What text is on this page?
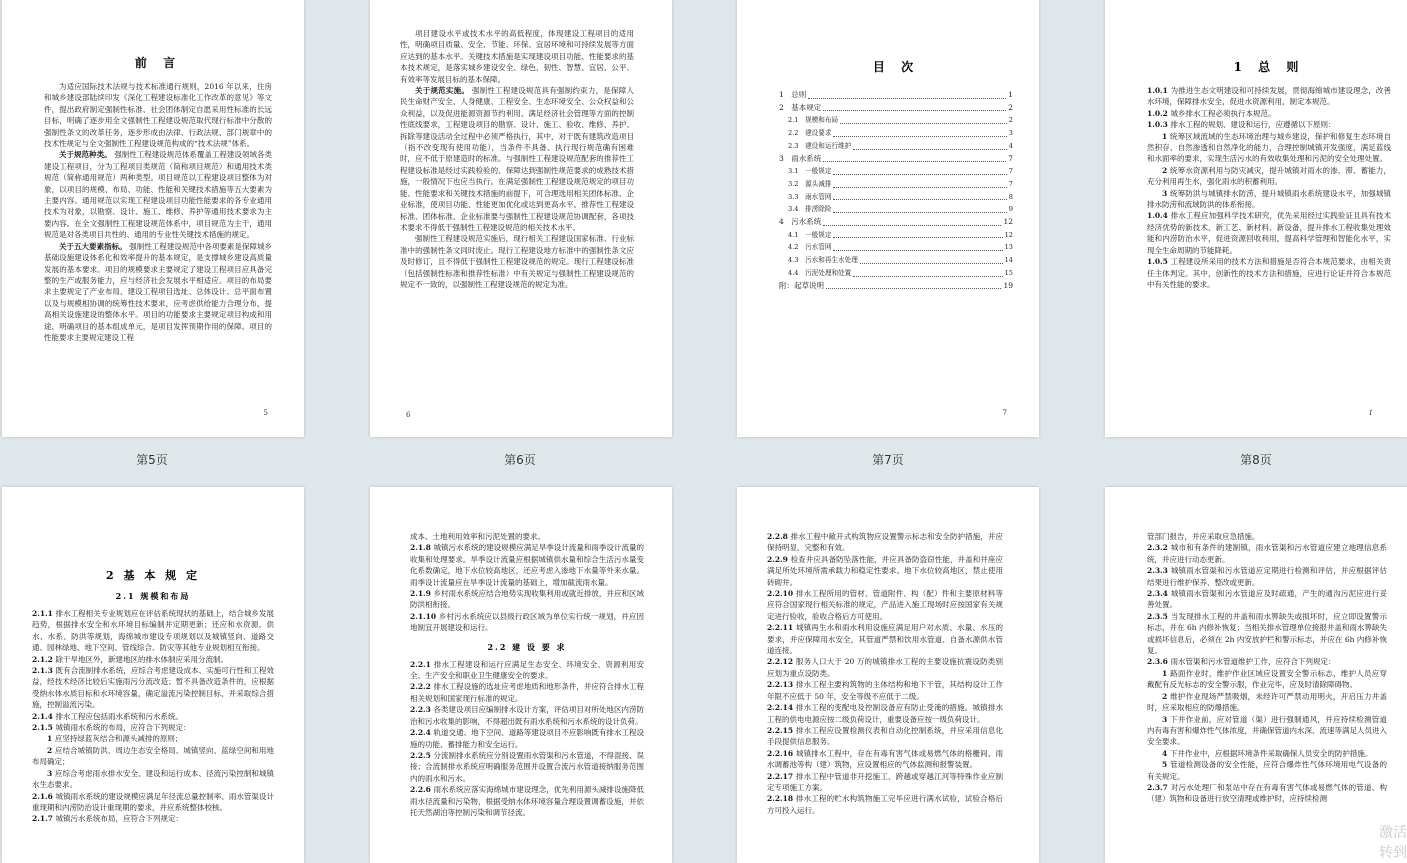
前 言

为适应国际技术法规与技术标准通行规则，2016 年以来，住房和城乡建设部陆续印发《深化工程建设标准化工作改革的意见》等文件，提出政府制定强制性标准、社会团体制定自愿采用性标准的长远目标，明确了逐步用全文强制性工程建设规范取代现行标准中分散的强制性条文的改革任务，逐步形成由法律、行政法规、部门规章中的技术性规定与全文强制性工程建设规范构成的“技术法规”体系。

关于规范种类。 强制性工程建设规范体系覆盖工程建设领域各类建设工程项目，分为工程项目类规范（简称项目规范）和通用技术类规范（简称通用规范）两种类型。项目规范以工程建设项目整体为对象，以项目的规模、布局、功能、性能和关键技术措施等五大要素为主要内容。通用规范以实现工程建设项目功能性能要求的各专业通用技术为对象，以勘察、设计、施工、维修、养护等通用技术要求为主要内容。在全文强制性工程建设规范体系中，项目规范为主干，通用规范是对各类项目共性的、通用的专业性关键技术措施的规定。

关于五大要素指标。 强制性工程建设规范中各项要素是保障城乡基础设施建设体系化和效率提升的基本规定，是支撑城乡建设高质量发展的基本要求。项目的规模要求主要规定了建设工程项目应具备完整的生产或服务能力，应与经济社会发展水平相适应。项目的布局要求主要规定了产业布局、建设工程项目选址、总体设计、总平面布置以及与规模相协调的统筹性技术要求，应考虑供给能力合理分布，提高相关设施建设的整体水平。项目的功能要求主要规定项目构成和用途，明确项目的基本组成单元，是项目发挥预期作用的保障。项目的性能要求主要规定建设工程

5
第5页

项目建设水平或技术水平的高低程度，体现建设工程项目的适用性，明确项目质量、安全、节能、环保、宜居环境和可持续发展等方面应达到的基本水平。关键技术措施是实现建设项目功能、性能要求的基本技术规定，是落实城乡建设安全、绿色、韧性、智慧、宜居、公平、有效率等发展目标的基本保障。

关于规范实施。 强制性工程建设规范具有强制约束力，是保障人民生命财产安全、人身健康、工程安全、生态环境安全、公众权益和公众利益，以及促进能源资源节约利用、满足经济社会管理等方面的控制性底线要求，工程建设项目的勘察、设计、施工、验收、维修、养护、拆除等建设活动全过程中必须严格执行，其中，对于既有建筑改造项目（指不改变现有使用功能），当条件不具备、执行现行规范确有困难时，应不低于原建造时的标准。与强制性工程建设规范配套的推荐性工程建设标准是经过实践检验的、保障达到强制性规范要求的成熟技术措施，一般情况下也应当执行。在满足强制性工程建设规范规定的项目功能、性能要求和关键技术措施的前提下，可合理选用相关团体标准、企业标准，使项目功能、性能更加优化或达到更高水平。推荐性工程建设标准、团体标准、企业标准要与强制性工程建设规范协调配套，各项技术要求不得低于强制性工程建设规范的相关技术水平。

强制性工程建设规范实施后，现行相关工程建设国家标准、行业标准中的强制性条文同时废止。现行工程建设地方标准中的强制性条文应及时修订，且不得低于强制性工程建设规范的规定。现行工程建设标准（包括强制性标准和推荐性标准）中有关规定与强制性工程建设规范的规定不一致的，以强制性工程建设规范的规定为准。

6
第6页
目 次
1　总则	1
2　基本规定	2
2.1　规模和布局	2
2.2　建设要求	3
2.3　建设和运行维护	4
3　雨水系统	7
3.1　一般规定	7
3.2　源头减排	7
3.3　雨水管网	8
3.4　排涝除险	9
4　污水系统	12
4.1　一般规定	12
4.2　污水管网	13
4.3　污水和再生水处理	14
4.4　污泥处理和处置	15
附：起草说明	19
7
第7页
1 总 则

1.0.1 为推进生态文明建设和可持续发展，贯彻海绵城市建设理念，改善水环境，保障排水安全，促进水资源利用，制定本规范。

1.0.2 城乡排水工程必须执行本规范。

1.0.3 排水工程的规划、建设和运行，应遵循以下原则：

1 统筹区域流域的生态环境治理与城乡建设，保护和修复生态环境自然积存、自然渗透和自然净化的能力，合理控制城镇开发强度，满足蓝线和水面率的要求，实现生活污水的有效收集处理和污泥的安全处理处置。

2 统筹水资源利用与防灾减灾，提升城镇对雨水的渗、滞、蓄能力，充分利用再生水，强化雨水的积蓄利用。

3 统筹防洪与城镇排水防涝，提升城镇雨水系统建设水平，加强城镇排水防涝和流域防洪的体系衔接。

1.0.4 排水工程应加强科学技术研究，优先采用经过实践验证且具有技术经济优势的新技术、新工艺、新材料、新设备，提升排水工程收集处理效能和内涝防治水平，促进资源回收利用，提高科学管理和智能化水平，实现全生命周期的节能降耗。

1.0.5 工程建设所采用的技术方法和措施是否符合本规范要求，由相关责任主体判定。其中，创新性的技术方法和措施，应进行论证并符合本规范中有关性能的要求。

1
第8页
2 基 本 规 定
2.1 规模和布局

2.1.1 排水工程相关专业规划应在评估系统现状的基础上，结合城乡发展趋势，根据排水安全和水环境目标编制并定期更新；还应和水资源、供水、水系、防洪等规划，海绵城市建设专项规划以及城镇竖向、道路交通、园林绿地、地下空间、管线综合、防灾等其他专业规划相互衔接。

2.1.2 除干旱地区外，新建地区的排水体制应采用分流制。

2.1.3 既有合流制排水系统，应综合考虑建设成本、实施可行性和工程效益，经技术经济比较后实施雨污分流改造；暂不具备改造条件的，应根据受纳水体水质目标和水环境容量，确定溢流污染控制目标，并采取综合措施，控制溢流污染。

2.1.4 排水工程应包括雨水系统和污水系统。

2.1.5 城镇雨水系统的布局，应符合下列规定：

1 应坚持绿蓝灰结合和源头减排的原则；

2 应结合城镇防洪、周边生态安全格局、城镇竖向、蓝绿空间和用地布局确定；

3 应综合考虑雨水排水安全、建设和运行成本、径流污染控制和城镇水生态要求。

2.1.6 城镇雨水系统的建设规模应满足年径流总量控制率、雨水管渠设计重现期和内涝防治设计重现期的要求，并应系统整体校核。

2.1.7 城镇污水系统布局，应符合下列规定：

成本、土地利用效率和污泥处置的要求。

2.1.8 城镇污水系统的建设规模应满足旱季设计流量和雨季设计流量的收集和处理要求。旱季设计流量应根据城镇供水量和综合生活污水量变化系数确定，地下水位较高地区，还应考虑入渗地下水量等外来水量。雨季设计流量应在旱季设计流量的基础上，增加截流雨水量。

2.1.9 乡村雨水系统应结合地势实现收集利用或就近排放，并应和区域防洪相衔接。

2.1.10 乡村污水系统应以县级行政区域为单位实行统一规划，并应因地制宜开展建设和运行。

2.2 建 设 要 求

2.2.1 排水工程建设和运行应满足生态安全、环境安全、资源利用安全、生产安全和职业卫生健康安全的要求。

2.2.2 排水工程设施的选址应考虑地质和地形条件，并应符合排水工程相关规划和国家现行标准的规定。

2.2.3 各类建设项目应编制排水设计方案，评估项目对所处地区内涝防治和污水收集的影响，不得超出既有雨水系统和污水系统的设计负荷。

2.2.4 轨道交通、地下空间、道路等建设项目不应影响既有排水工程设施的功能、蓄排能力和安全运行。

2.2.5 分流制排水系统应分别设置雨水管渠和污水管道，不得混接、误接；合流制排水系统应明确服务范围并设置合流污水管道接纳服务范围内的雨水和污水。

2.2.6 雨水系统应落实海绵城市建设理念，优先利用源头减排设施降低雨水径流量和污染物，根据受纳水体环境容量合理设置调蓄设施，并依托天然湖泊等控制污染和调节径流。

2.2.8 排水工程中敞开式构筑物应设置警示标志和安全防护措施，并应保持明显、完整和有效。

2.2.9 检查井应具备防坠落性能，并应具备防盗窃性能，井盖和井座应满足所处环境所需承载力和稳定性要求。地下水位较高地区，禁止使用砖砌井。

2.2.10 排水工程所用的管材、管道附件、构（配）件和主要原材料等应符合国家现行相关标准的规定，产品进入施工现场时应按国家有关规定进行验收，验收合格后方可使用。

2.2.11 城镇再生水和雨水利用设施应满足用户对水质、水量、水压的要求，并应保障用水安全，其管道严禁和饮用水管道、自备水源供水管道连接。

2.2.12 服务人口大于 20 万的城镇排水工程的主要设施抗震设防类别应划为重点设防类。

2.2.13 排水工程主要构筑物的主体结构和地下干管，其结构设计工作年限不应低于 50 年，安全等级不应低于二级。

2.2.14 排水工程的变配电及控制设备应有防止受淹的措施。城镇排水工程的供电电源应按二级负荷设计，重要设备应按一级负荷设计。

2.2.15 排水工程应设置检测仪表和自动化控制系统，并应采用信息化手段提供信息服务。

2.2.16 城镇排水工程中，存在有毒有害气体或易燃气体的格栅间、雨水调蓄池等构（建）筑物，应设置相应的气体监测和报警装置。

2.2.17 排水工程中管道非开挖施工、跨越或穿越江河等特殊作业应制定专项施工方案。

2.2.18 排水工程的贮水构筑物施工完毕应进行满水试验，试验合格后方可投入运行。

管部门报告，并应采取应急措施。

2.3.2 城市和有条件的建制镇，雨水管渠和污水管道应建立地理信息系统，并应进行动态更新。

2.3.3 城镇雨水管渠和污水管道应定期进行检测和评估，并应根据评估结果进行维护保养、整改或更新。

2.3.4 城镇雨水管渠和污水管道应及时疏通，产生的通沟污泥应进行妥善处置。

2.3.5 当发现排水工程的井盖和雨水箅缺失或损坏时，应立即设置警示标志，并在 6h 内修补恢复；当相关排水管理单位接报井盖和雨水箅缺失或损坏信息后，必须在 2h 内安放护栏和警示标志，并应在 6h 内修补恢复。

2.3.6 雨水管渠和污水管道维护工作，应符合下列规定：

1 路面作业时，维护作业区域应设置安全警示标志，维护人员应穿戴配有反光标志的安全警示服，作业完毕，应及时清除障碍物。

2 维护作业现场严禁吸烟，未经许可严禁动用明火，开启压力井盖时，应采取相应的防爆措施。

3 下井作业前，应对管道（渠）进行强制通风，并应持续检测管道内有毒有害和爆炸性气体浓度，并确保管道内水深、流速等满足人员进入安全要求。

4 下井作业中，应根据环境条件采取确保人员安全的防护措施。

5 管道检测设备的安全性能，应符合爆炸性气体环境用电气设备的有关规定。

2.3.7 对污水处理厂和泵站中存在有毒有害气体或易燃气体的管道、构（建）筑物和设备进行放空清理或维护时，应持续检测

激活 转到
